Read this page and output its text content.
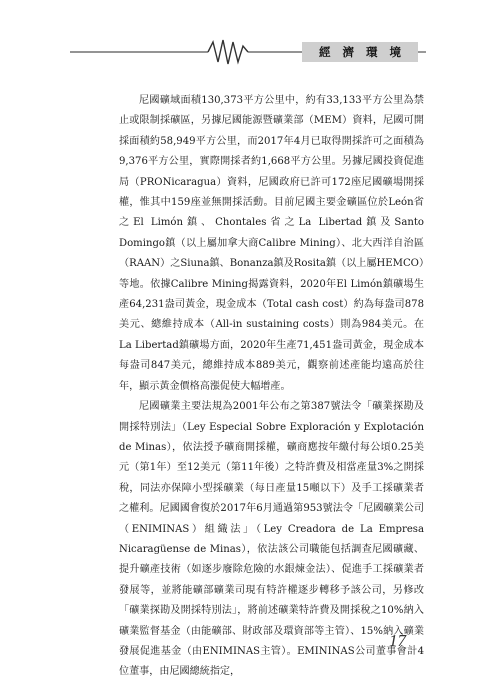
經濟環境

尼國礦域面積130,373平方公里中，約有33,133平方公里為禁止或限制採礦區，另據尼國能源暨礦業部（MEM）資料，尼國可開採面積約58,949平方公里，而2017年4月已取得開採許可之面積為9,376平方公里，實際開採者約1,668平方公里。另據尼國投資促進局（PRONicaragua）資料，尼國政府已許可172座尼國礦場開採權，惟其中159座並無開採活動。目前尼國主要金礦區位於León省之El Limón鎮、Chontales省之La Libertad鎮及Santo Domingo鎮（以上屬加拿大商Calibre Mining）、北大西洋自治區（RAAN）之Siuna鎮、Bonanza鎮及Rosita鎮（以上屬HEMCO）等地。依據Calibre Mining揭露資料，2020年El Limón鎮礦場生產64,231盎司黃金，現金成本（Total cash cost）約為每盎司878美元、總維持成本（All-in sustaining costs）則為984美元。在La Libertad鎮礦場方面，2020年生產71,451盎司黃金，現金成本每盎司847美元，總維持成本889美元，觀察前述產能均遠高於往年，顯示黃金價格高漲促使大幅增產。

尼國礦業主要法規為2001年公布之第387號法令「礦業探勘及開採特別法」（Ley Especial Sobre Exploración y Explotación de Minas），依法授予礦商開採權，礦商應按年繳付每公頃0.25美元（第1年）至12美元（第11年後）之特許費及相當產量3%之開採稅，同法亦保障小型採礦業（每日產量15噸以下）及手工採礦業者之權利。尼國國會復於2017年6月通過第953號法令「尼國礦業公司（ENIMINAS）組織法」（Ley Creadora de La Empresa Nicaragüense de Minas），依法該公司職能包括調查尼國礦藏、提升礦產技術（如逐步廢除危險的水銀煉金法）、促進手工採礦業者發展等，並將能礦部礦業司現有特許權逐步轉移予該公司，另修改「礦業探勘及開採特別法」，將前述礦業特許費及開採稅之10%納入礦業監督基金（由能礦部、財政部及環資部等主管）、15%納入礦業發展促進基金（由ENIMINAS主管）。EMININAS公司董事會計4位董事，由尼國總統指定，

17
